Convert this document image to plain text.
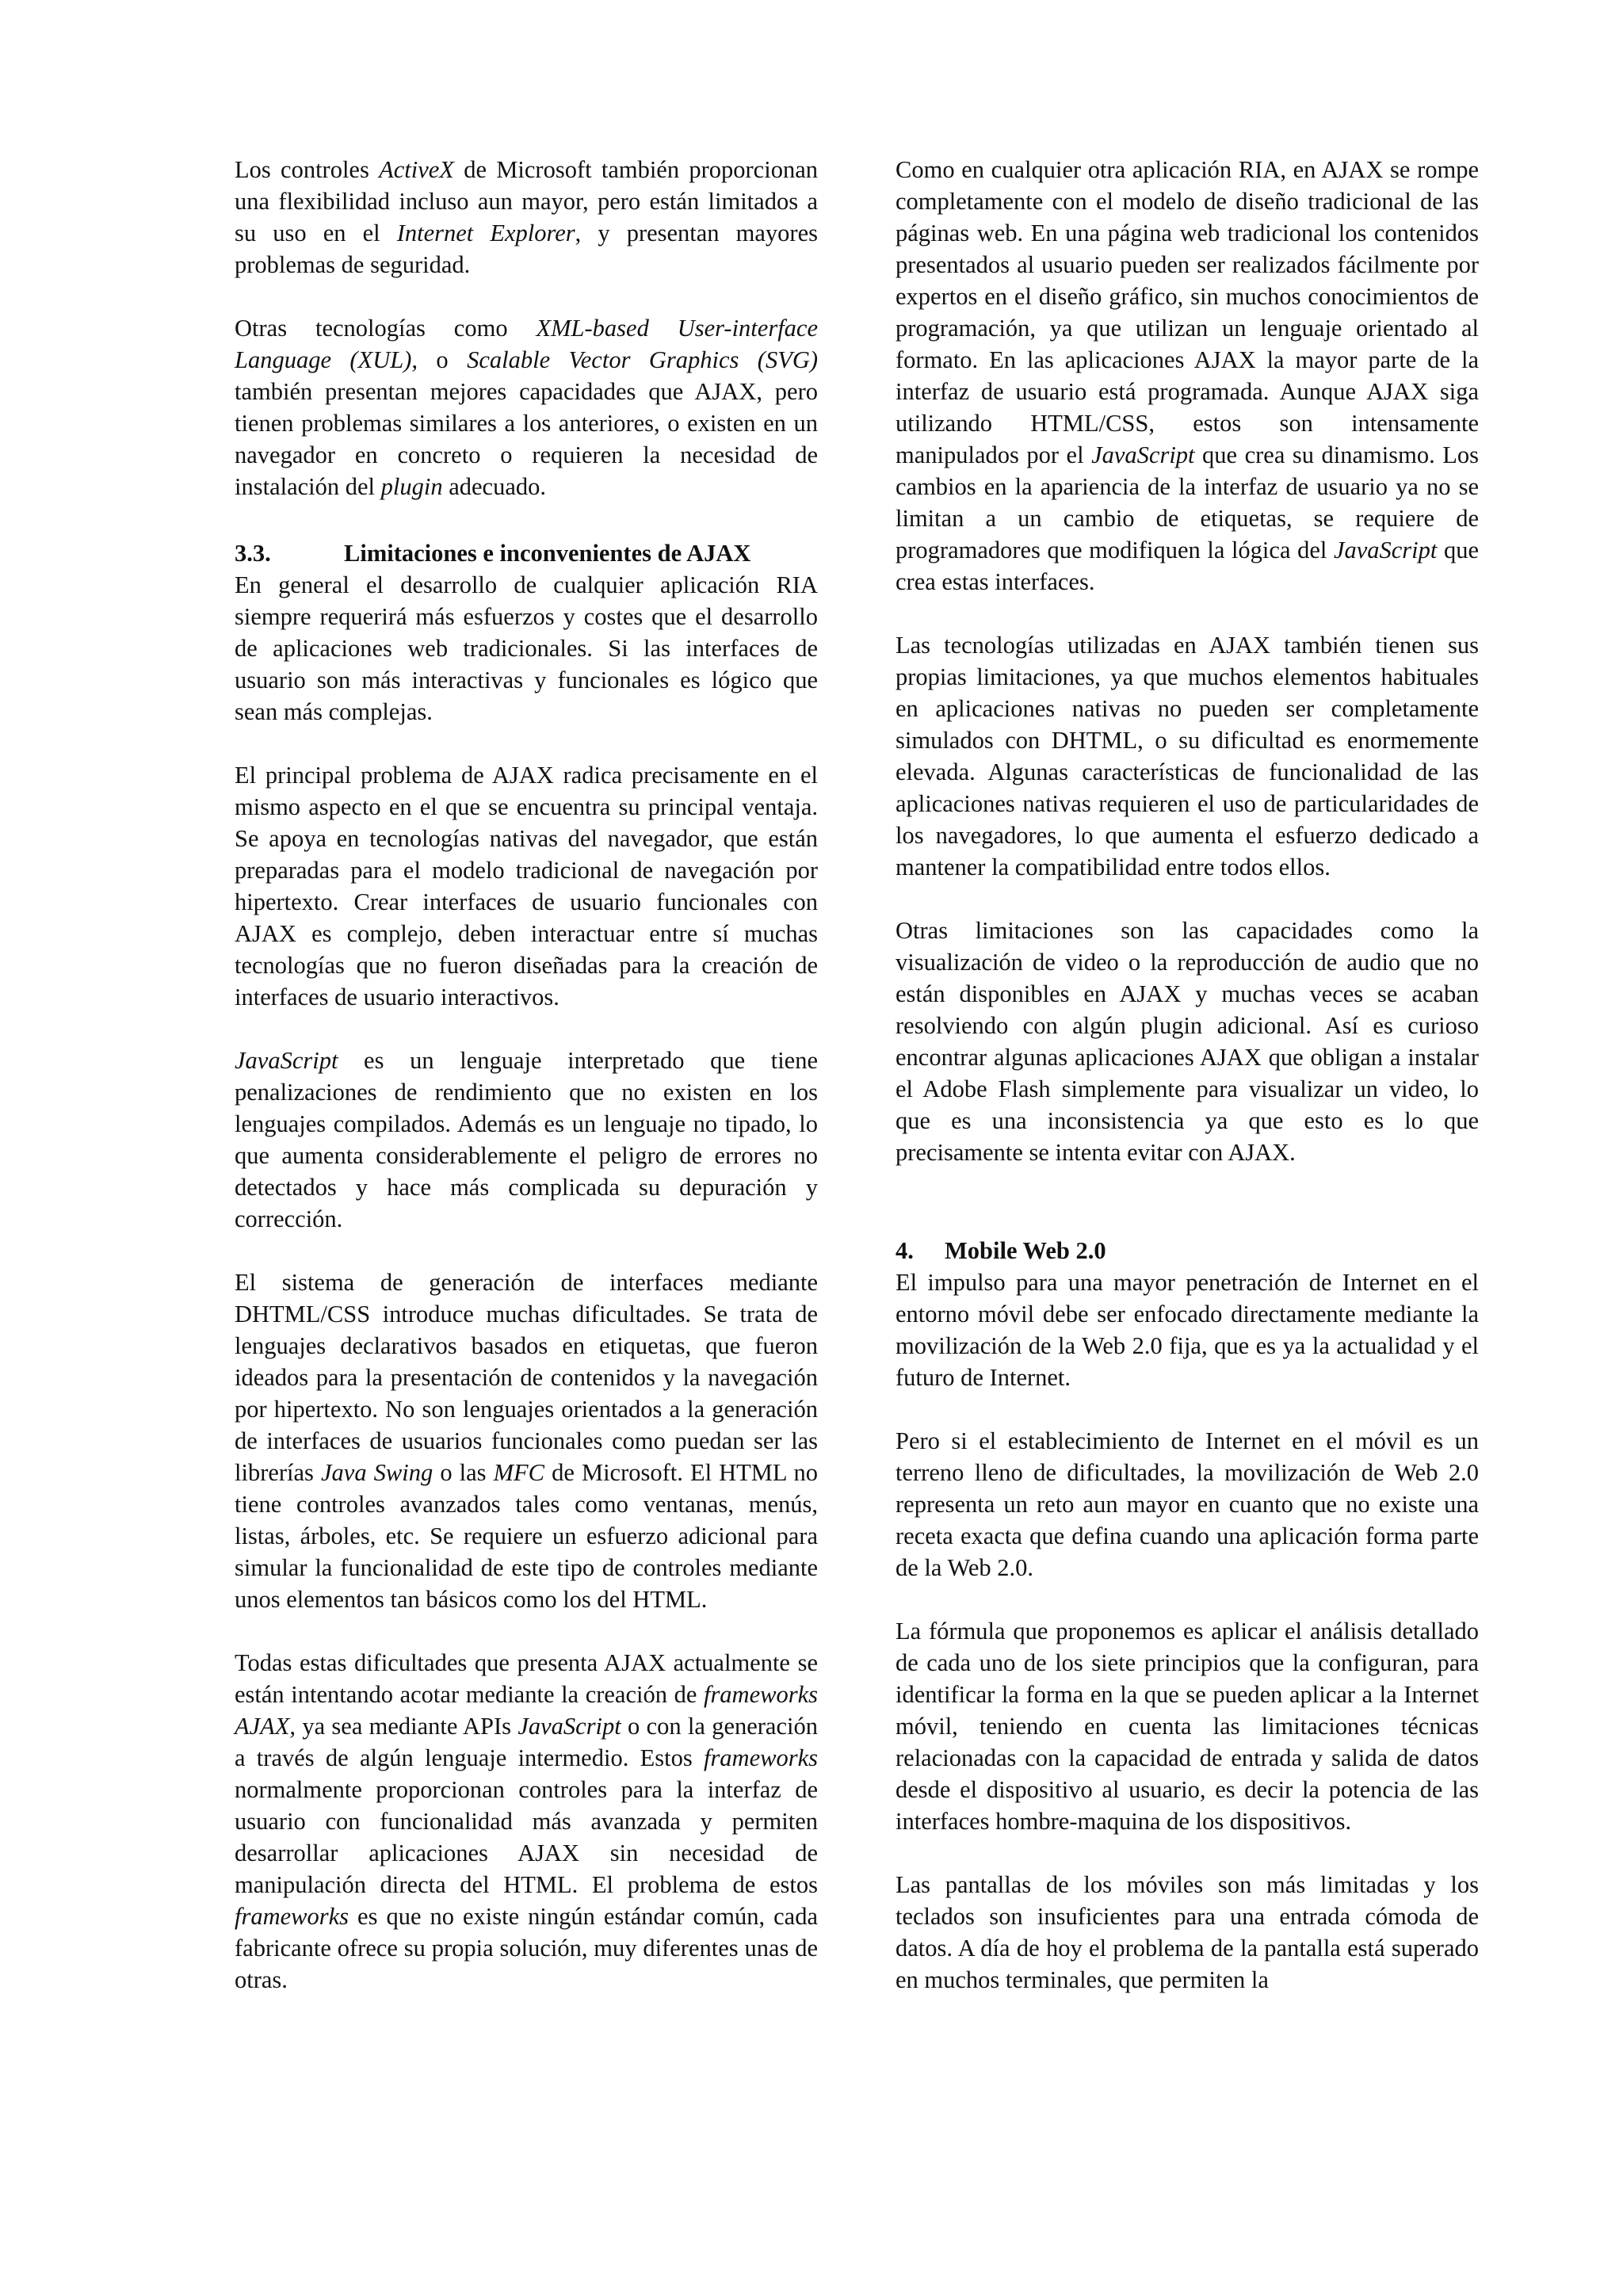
Los controles ActiveX de Microsoft también proporcionan una flexibilidad incluso aun mayor, pero están limitados a su uso en el Internet Explorer, y presentan mayores problemas de seguridad.

Otras tecnologías como XML-based User-interface Language (XUL), o Scalable Vector Graphics (SVG) también presentan mejores capacidades que AJAX, pero tienen problemas similares a los anteriores, o existen en un navegador en concreto o requieren la necesidad de instalación del plugin adecuado.

3.3.	Limitaciones e inconvenientes de AJAX

En general el desarrollo de cualquier aplicación RIA siempre requerirá más esfuerzos y costes que el desarrollo de aplicaciones web tradicionales. Si las interfaces de usuario son más interactivas y funcionales es lógico que sean más complejas.

El principal problema de AJAX radica precisamente en el mismo aspecto en el que se encuentra su principal ventaja. Se apoya en tecnologías nativas del navegador, que están preparadas para el modelo tradicional de navegación por hipertexto. Crear interfaces de usuario funcionales con AJAX es complejo, deben interactuar entre sí muchas tecnologías que no fueron diseñadas para la creación de interfaces de usuario interactivos.

JavaScript es un lenguaje interpretado que tiene penalizaciones de rendimiento que no existen en los lenguajes compilados. Además es un lenguaje no tipado, lo que aumenta considerablemente el peligro de errores no detectados y hace más complicada su depuración y corrección.

El sistema de generación de interfaces mediante DHTML/CSS introduce muchas dificultades. Se trata de lenguajes declarativos basados en etiquetas, que fueron ideados para la presentación de contenidos y la navegación por hipertexto. No son lenguajes orientados a la generación de interfaces de usuarios funcionales como puedan ser las librerías Java Swing o las MFC de Microsoft. El HTML no tiene controles avanzados tales como ventanas, menús, listas, árboles, etc. Se requiere un esfuerzo adicional para simular la funcionalidad de este tipo de controles mediante unos elementos tan básicos como los del HTML.

Todas estas dificultades que presenta AJAX actualmente se están intentando acotar mediante la creación de frameworks AJAX, ya sea mediante APIs JavaScript o con la generación a través de algún lenguaje intermedio. Estos frameworks normalmente proporcionan controles para la interfaz de usuario con funcionalidad más avanzada y permiten desarrollar aplicaciones AJAX sin necesidad de manipulación directa del HTML. El problema de estos frameworks es que no existe ningún estándar común, cada fabricante ofrece su propia solución, muy diferentes unas de otras.

Como en cualquier otra aplicación RIA, en AJAX se rompe completamente con el modelo de diseño tradicional de las páginas web. En una página web tradicional los contenidos presentados al usuario pueden ser realizados fácilmente por expertos en el diseño gráfico, sin muchos conocimientos de programación, ya que utilizan un lenguaje orientado al formato. En las aplicaciones AJAX la mayor parte de la interfaz de usuario está programada. Aunque AJAX siga utilizando HTML/CSS, estos son intensamente manipulados por el JavaScript que crea su dinamismo. Los cambios en la apariencia de la interfaz de usuario ya no se limitan a un cambio de etiquetas, se requiere de programadores que modifiquen la lógica del JavaScript que crea estas interfaces.

Las tecnologías utilizadas en AJAX también tienen sus propias limitaciones, ya que muchos elementos habituales en aplicaciones nativas no pueden ser completamente simulados con DHTML, o su dificultad es enormemente elevada. Algunas características de funcionalidad de las aplicaciones nativas requieren el uso de particularidades de los navegadores, lo que aumenta el esfuerzo dedicado a mantener la compatibilidad entre todos ellos.

Otras limitaciones son las capacidades como la visualización de video o la reproducción de audio que no están disponibles en AJAX y muchas veces se acaban resolviendo con algún plugin adicional. Así es curioso encontrar algunas aplicaciones AJAX que obligan a instalar el Adobe Flash simplemente para visualizar un video, lo que es una inconsistencia ya que esto es lo que precisamente se intenta evitar con AJAX.

4. Mobile Web 2.0

El impulso para una mayor penetración de Internet en el entorno móvil debe ser enfocado directamente mediante la movilización de la Web 2.0 fija, que es ya la actualidad y el futuro de Internet.

Pero si el establecimiento de Internet en el móvil es un terreno lleno de dificultades, la movilización de Web 2.0 representa un reto aun mayor en cuanto que no existe una receta exacta que defina cuando una aplicación forma parte de la Web 2.0.

La fórmula que proponemos es aplicar el análisis detallado de cada uno de los siete principios que la configuran, para identificar la forma en la que se pueden aplicar a la Internet móvil, teniendo en cuenta las limitaciones técnicas relacionadas con la capacidad de entrada y salida de datos desde el dispositivo al usuario, es decir la potencia de las interfaces hombre-maquina de los dispositivos.

Las pantallas de los móviles son más limitadas y los teclados son insuficientes para una entrada cómoda de datos. A día de hoy el problema de la pantalla está superado en muchos terminales, que permiten la
